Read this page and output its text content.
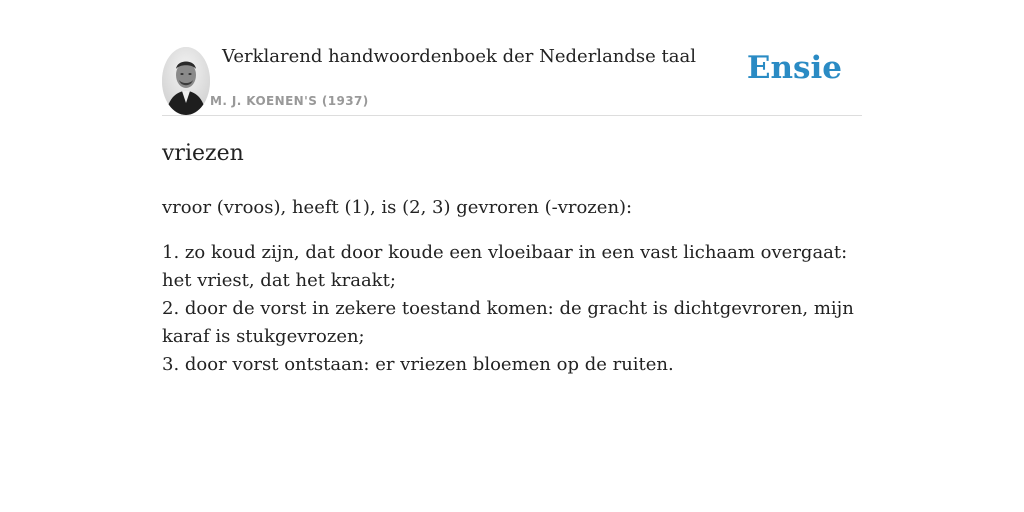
Verklarend handwoordenboek der Nederlandse taal
M. J. KOENEN'S (1937)
Ensie
vriezen
vroor (vroos), heeft (1), is (2, 3) gevroren (-vrozen):
1. zo koud zijn, dat door koude een vloeibaar in een vast lichaam overgaat: het vriest, dat het kraakt;
2. door de vorst in zekere toestand komen: de gracht is dichtgevroren, mijn karaf is stukgevrozen;
3. door vorst ontstaan: er vriezen bloemen op de ruiten.
